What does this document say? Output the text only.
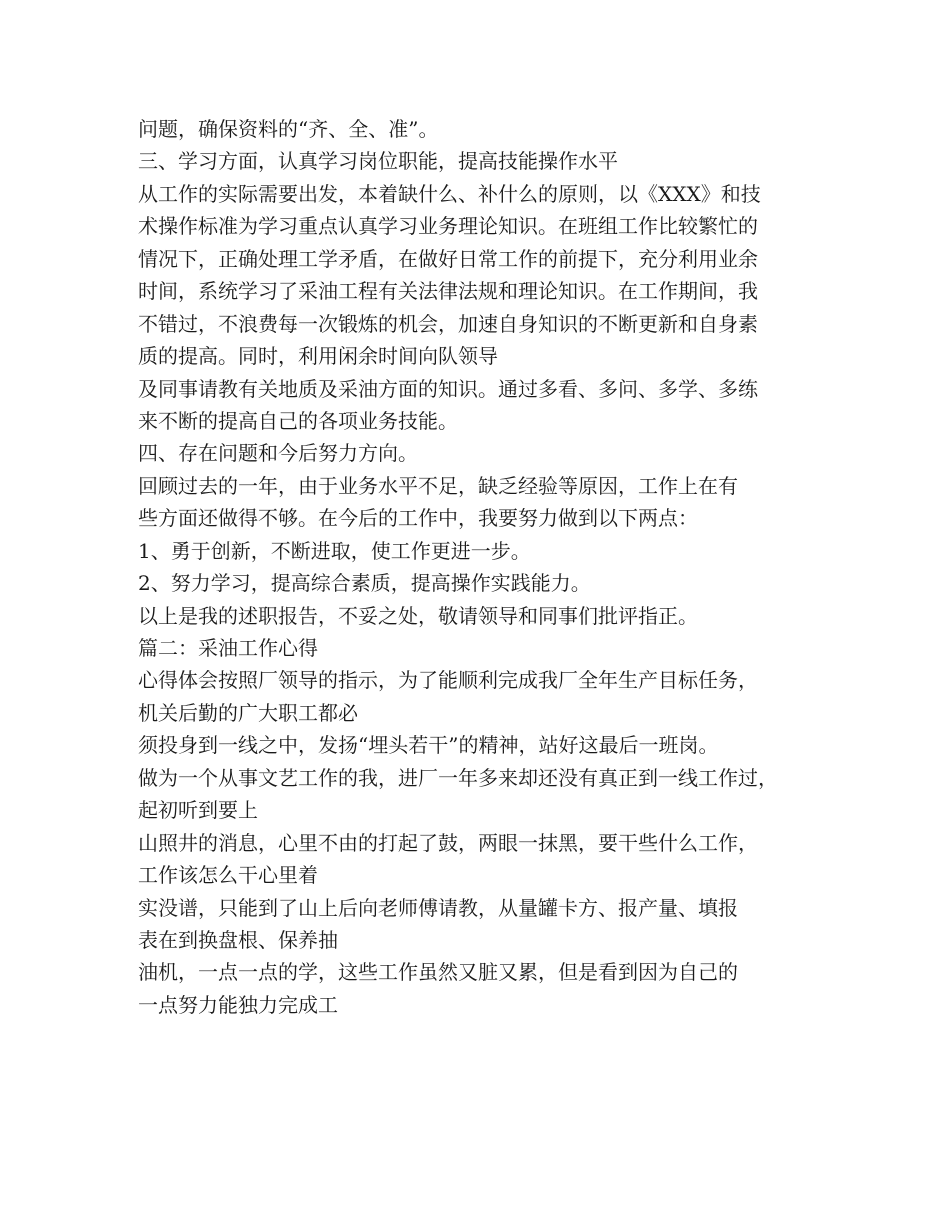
问题，确保资料的“齐、全、准”。
三、学习方面，认真学习岗位职能，提高技能操作水平
从工作的实际需要出发，本着缺什么、补什么的原则，以《XXX》和技
术操作标准为学习重点认真学习业务理论知识。在班组工作比较繁忙的
情况下，正确处理工学矛盾，在做好日常工作的前提下，充分利用业余
时间，系统学习了采油工程有关法律法规和理论知识。在工作期间，我
不错过，不浪费每一次锻炼的机会，加速自身知识的不断更新和自身素
质的提高。同时，利用闲余时间向队领导
及同事请教有关地质及采油方面的知识。通过多看、多问、多学、多练
来不断的提高自己的各项业务技能。
四、存在问题和今后努力方向。
回顾过去的一年，由于业务水平不足，缺乏经验等原因，工作上在有
些方面还做得不够。在今后的工作中，我要努力做到以下两点：
1、勇于创新，不断进取，使工作更进一步。
2、努力学习，提高综合素质，提高操作实践能力。
以上是我的述职报告，不妥之处，敬请领导和同事们批评指正。
篇二：采油工作心得
心得体会按照厂领导的指示，为了能顺利完成我厂全年生产目标任务，
机关后勤的广大职工都必
须投身到一线之中，发扬“埋头若干”的精神，站好这最后一班岗。
做为一个从事文艺工作的我，进厂一年多来却还没有真正到一线工作过，
起初听到要上
山照井的消息，心里不由的打起了鼓，两眼一抹黑，要干些什么工作，
工作该怎么干心里着
实没谱，只能到了山上后向老师傅请教，从量罐卡方、报产量、填报
表在到换盘根、保养抽
油机，一点一点的学，这些工作虽然又脏又累，但是看到因为自己的
一点努力能独力完成工
